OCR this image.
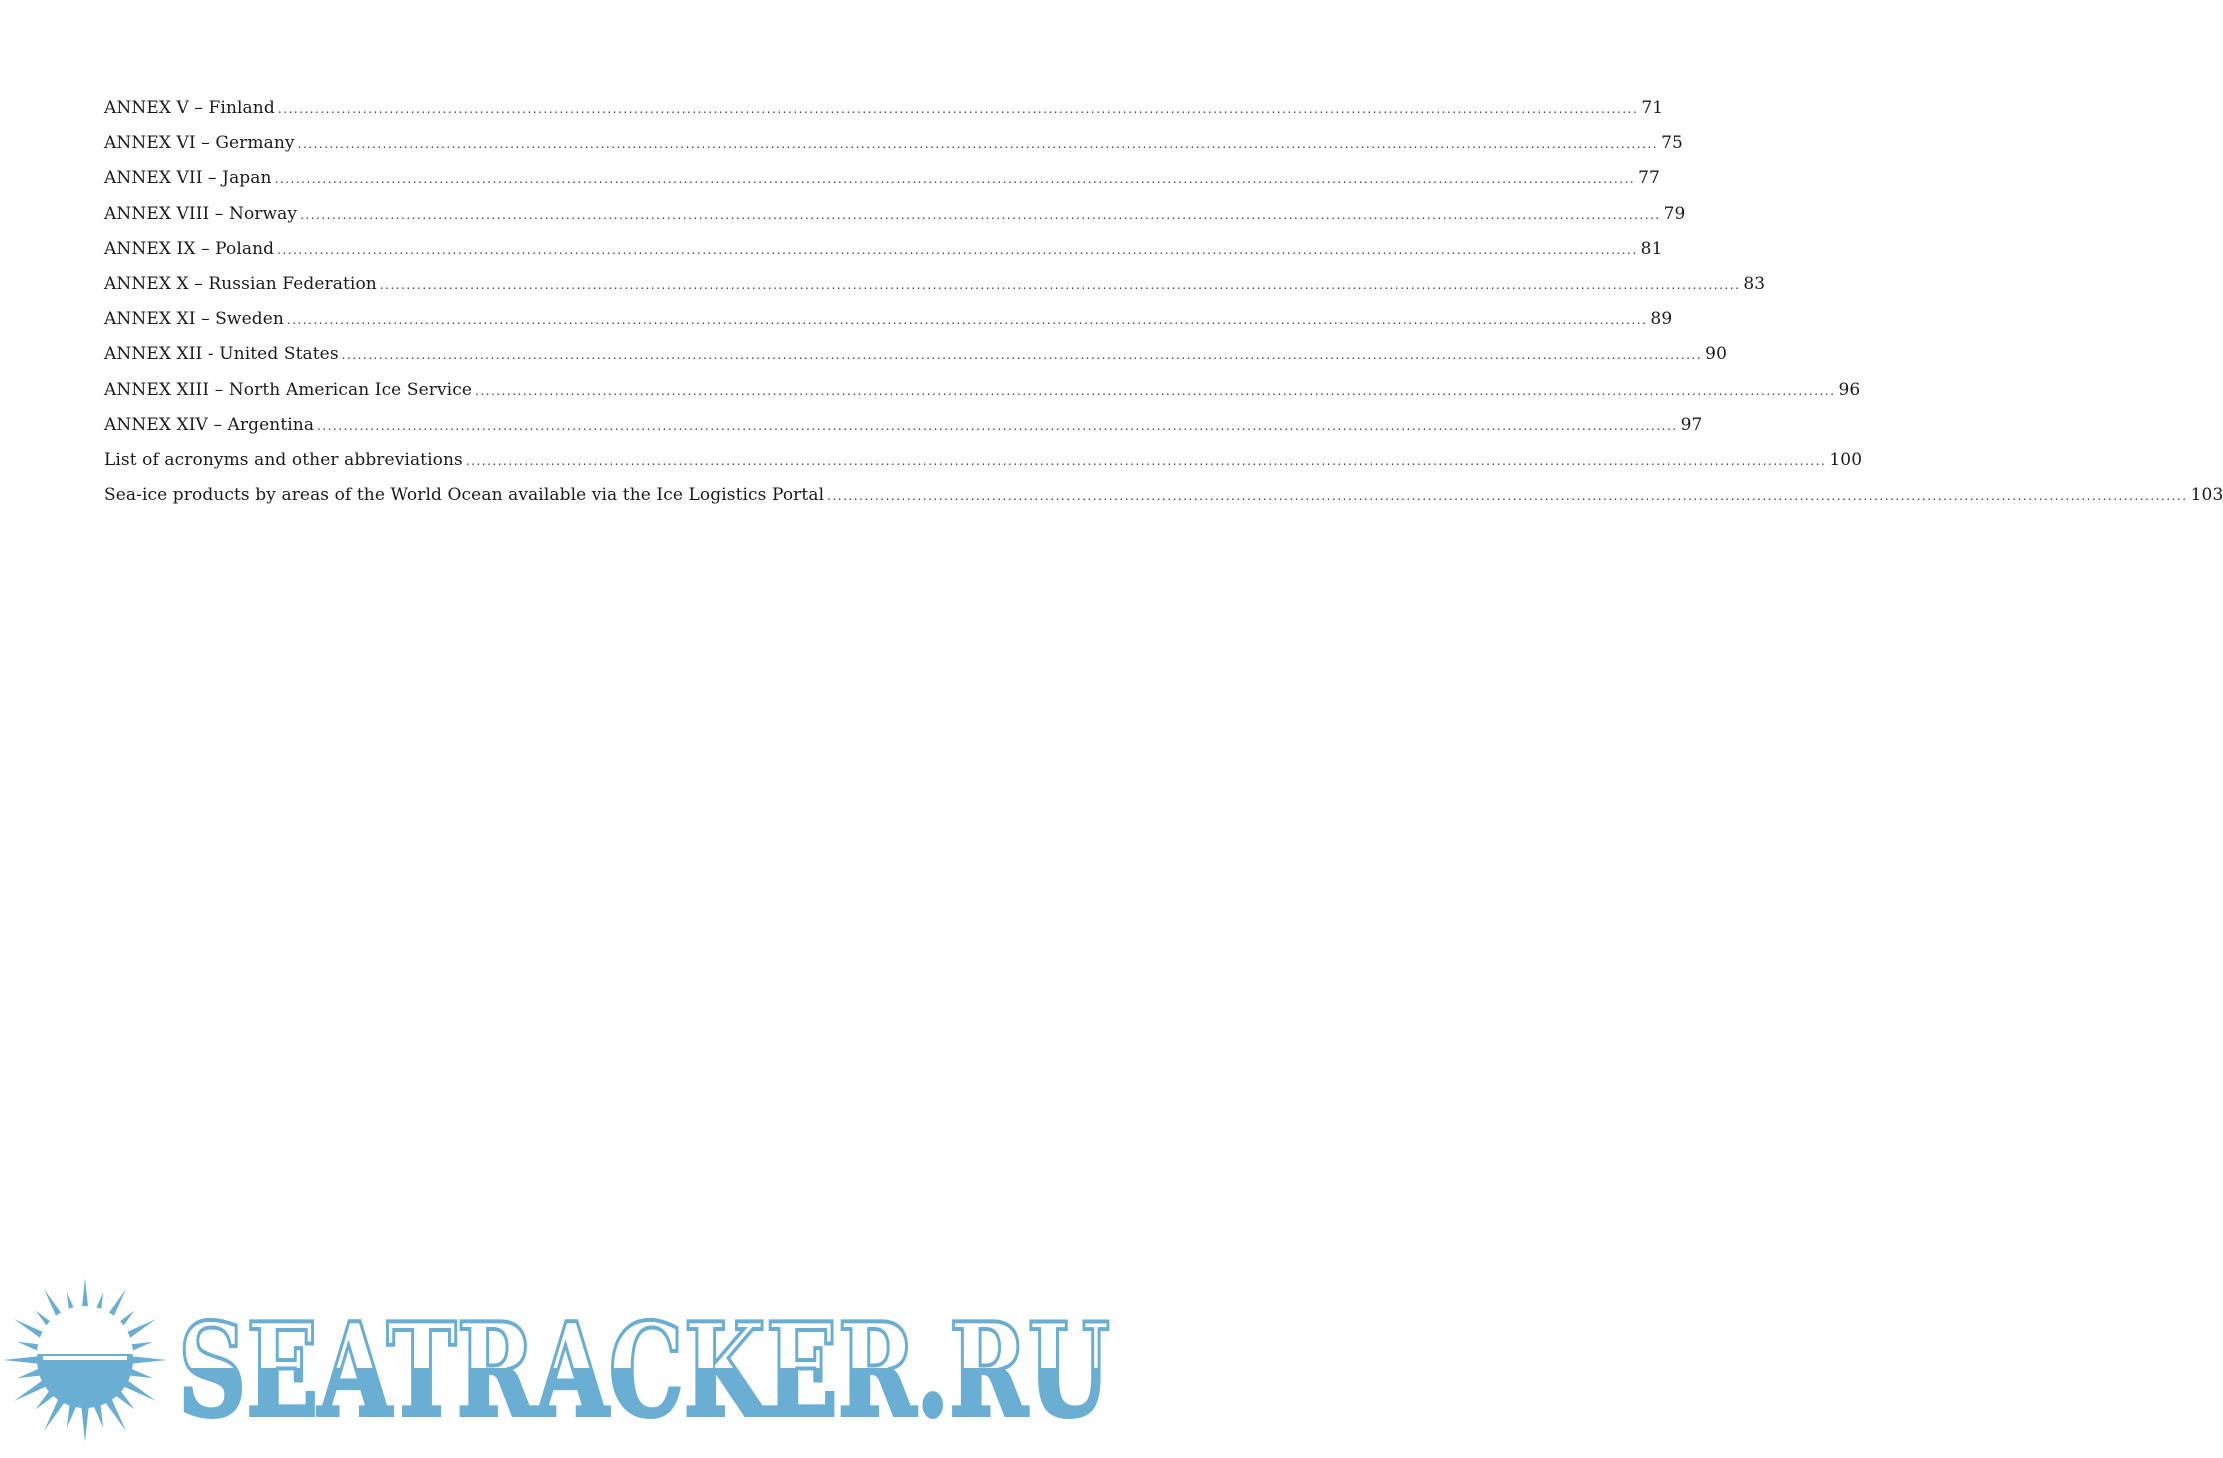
ANNEX V – Finland .....	71
ANNEX VI – Germany .....	75
ANNEX VII – Japan .....	77
ANNEX VIII – Norway .....	79
ANNEX IX – Poland .....	81
ANNEX X – Russian Federation .....	83
ANNEX XI – Sweden .....	89
ANNEX XII - United States .....	90
ANNEX XIII – North American Ice Service .....	96
ANNEX XIV – Argentina .....	97
List of acronyms and other abbreviations .....	100
Sea-ice products by areas of the World Ocean available via the Ice Logistics Portal .....	103
SEATRACKER.RU
